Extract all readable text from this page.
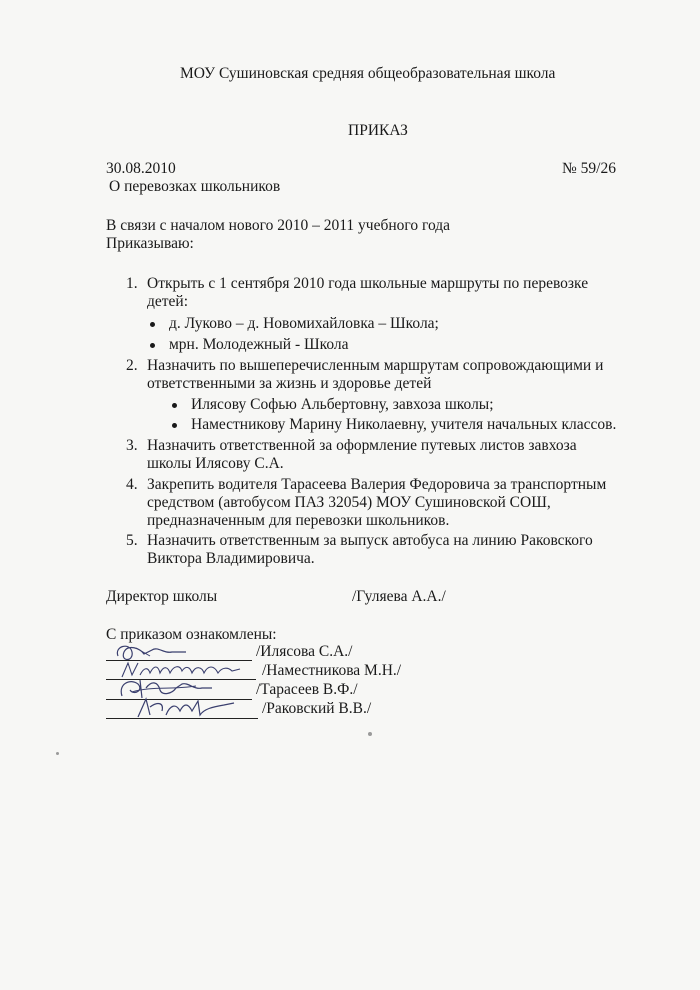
МОУ Сушиновская средняя общеобразовательная школа
ПРИКАЗ
30.08.2010	№ 59/26
О перевозках школьников
В связи с началом нового 2010 – 2011 учебного года
Приказываю:
1. Открыть с 1 сентября 2010 года школьные маршруты по перевозке
детей:
д. Луково – д. Новомихайловка – Школа;
мрн. Молодежный - Школа
2. Назначить по вышеперечисленным маршрутам сопровождающими и
ответственными за жизнь и здоровье детей
Илясову Софью Альбертовну, завхоза школы;
Наместникову Марину Николаевну, учителя начальных классов.
3. Назначить ответственной за оформление путевых листов завхоза
школы Илясову С.А.
4. Закрепить водителя Тарасеева Валерия Федоровича за транспортным
средством (автобусом ПАЗ 32054) МОУ Сушиновской СОШ,
предназначенным для перевозки школьников.
5. Назначить ответственным за выпуск автобуса на линию Раковского
Виктора Владимировича.
Директор школы	/Гуляева А.А./
С приказом ознакомлены:
/Илясова С.А./
/Наместникова М.Н./
/Тарасеев В.Ф./
/Раковский В.В./
